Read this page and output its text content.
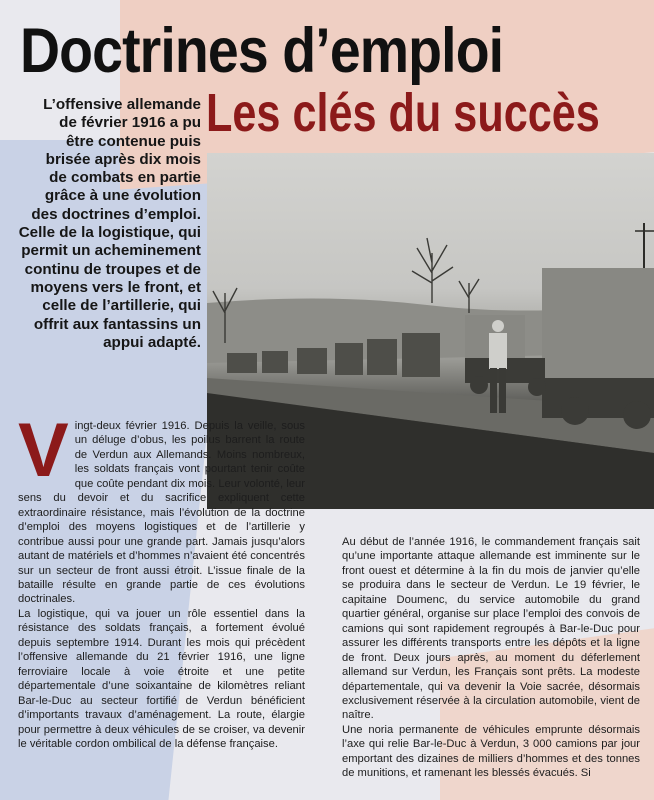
Doctrines d’emploi
Les clés du succès
L’offensive allemande
de février 1916 a pu
être contenue puis
brisée après dix mois
de combats en partie
grâce à une évolution
des doctrines d’emploi.
Celle de la logistique, qui
permit un acheminement
continu de troupes et de
moyens vers le front, et
celle de l’artillerie, qui
offrit aux fantassins un
appui adapté.
V ingt-deux février 1916. Depuis la veille, sous un déluge d’obus, les poilus barrent la route de Verdun aux Allemands. Moins nombreux, les soldats français vont pourtant tenir coûte que coûte pendant dix mois. Leur volonté, leur sens du devoir et du sacrifice expliquent cette extraordinaire résistance, mais l’évolution de la doctrine d’emploi des moyens logistiques et de l’artillerie y contribue aussi pour une grande part. Jamais jusqu’alors autant de matériels et d’hommes n’avaient été concentrés sur un secteur de front aussi étroit. L’issue finale de la bataille résulte en grande partie de ces évolutions doctrinales.

La logistique, qui va jouer un rôle essentiel dans la résistance des soldats français, a fortement évolué depuis septembre 1914. Durant les mois qui précèdent l’offensive allemande du 21 février 1916, une ligne ferroviaire locale à voie étroite et une petite départementale d’une soixantaine de kilomètres reliant Bar-le-Duc au secteur fortifié de Verdun bénéficient d’importants travaux d’aménagement. La route, élargie pour permettre à deux véhicules de se croiser, va devenir le véritable cordon ombilical de la défense française.

Au début de l’année 1916, le commandement français sait qu’une importante attaque allemande est imminente sur le front ouest et détermine à la fin du mois de janvier qu’elle se produira dans le secteur de Verdun. Le 19 février, le capitaine Doumenc, du service automobile du grand quartier général, organise sur place l’emploi des convois de camions qui sont rapidement regroupés à Bar-le-Duc pour assurer les différents transports entre les dépôts et la ligne de front. Deux jours après, au moment du déferlement allemand sur Verdun, les Français sont prêts. La modeste départementale, qui va devenir la Voie sacrée, désormais exclusivement réservée à la circulation automobile, vient de naître.

Une noria permanente de véhicules emprunte désormais l’axe qui relie Bar-le-Duc à Verdun, 3 000 camions par jour emportant des dizaines de milliers d’hommes et des tonnes de munitions, et ramenant les blessés évacués. Si
